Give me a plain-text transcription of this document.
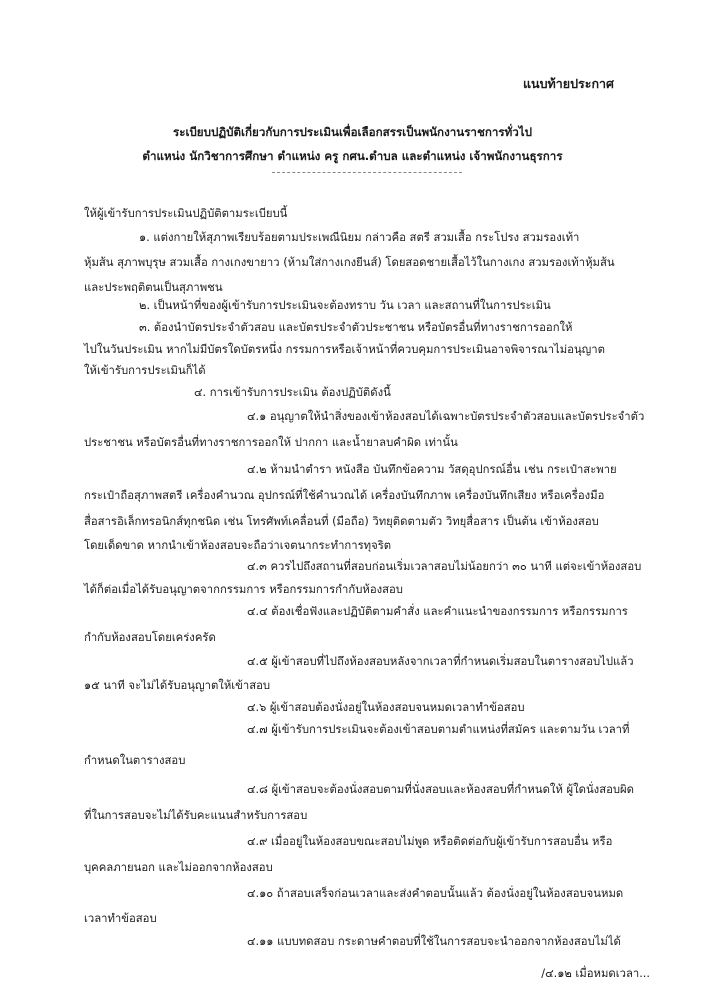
แนบท้ายประกาศ
ระเบียบปฏิบัติเกี่ยวกับการประเมินเพื่อเลือกสรรเป็นพนักงานราชการทั่วไป
ตำแหน่ง นักวิชาการศึกษา ตำแหน่ง ครู กศน.ตำบล และตำแหน่ง เจ้าพนักงานธุรการ
ให้ผู้เข้ารับการประเมินปฏิบัติตามระเบียบนี้
๑. แต่งกายให้สุภาพเรียบร้อยตามประเพณีนิยม กล่าวคือ สตรี สวมเสื้อ กระโปรง สวมรองเท้า
หุ้มส้น สุภาพบุรุษ สวมเสื้อ กางเกงขายาว (ห้ามใส่กางเกงยีนส์) โดยสอดชายเสื้อไว้ในกางเกง สวมรองเท้าหุ้มส้น
และประพฤติตนเป็นสุภาพชน
๒. เป็นหน้าที่ของผู้เข้ารับการประเมินจะต้องทราบ วัน เวลา และสถานที่ในการประเมิน
๓. ต้องนำบัตรประจำตัวสอบ และบัตรประจำตัวประชาชน หรือบัตรอื่นที่ทางราชการออกให้
ไปในวันประเมิน หากไม่มีบัตรใดบัตรหนึ่ง กรรมการหรือเจ้าหน้าที่ควบคุมการประเมินอาจพิจารณาไม่อนุญาต
ให้เข้ารับการประเมินก็ได้
๔. การเข้ารับการประเมิน ต้องปฏิบัติดังนี้
๔.๑ อนุญาตให้นำสิ่งของเข้าห้องสอบได้เฉพาะบัตรประจำตัวสอบและบัตรประจำตัว
ประชาชน หรือบัตรอื่นที่ทางราชการออกให้ ปากกา และน้ำยาลบคำผิด เท่านั้น
๔.๒ ห้ามนำตำรา หนังสือ บันทึกข้อความ วัสดุอุปกรณ์อื่น เช่น กระเป๋าสะพาย
กระเป๋าถือสุภาพสตรี เครื่องคำนวณ อุปกรณ์ที่ใช้คำนวณได้ เครื่องบันทึกภาพ เครื่องบันทึกเสียง หรือเครื่องมือ
สื่อสารอิเล็กทรอนิกส์ทุกชนิด เช่น โทรศัพท์เคลื่อนที่ (มือถือ) วิทยุติดตามตัว วิทยุสื่อสาร เป็นต้น เข้าห้องสอบ
โดยเด็ดขาด หากนำเข้าห้องสอบจะถือว่าเจตนากระทำการทุจริต
๔.๓ ควรไปถึงสถานที่สอบก่อนเริ่มเวลาสอบไม่น้อยกว่า ๓๐ นาที แต่จะเข้าห้องสอบ
ได้ก็ต่อเมื่อได้รับอนุญาตจากกรรมการ หรือกรรมการกำกับห้องสอบ
๔.๔ ต้องเชื่อฟังและปฏิบัติตามคำสั่ง และคำแนะนำของกรรมการ หรือกรรมการ
กำกับห้องสอบโดยเคร่งครัด
๔.๕ ผู้เข้าสอบที่ไปถึงห้องสอบหลังจากเวลาที่กำหนดเริ่มสอบในตารางสอบไปแล้ว
๑๕ นาที จะไม่ได้รับอนุญาตให้เข้าสอบ
๔.๖ ผู้เข้าสอบต้องนั่งอยู่ในห้องสอบจนหมดเวลาทำข้อสอบ
๔.๗ ผู้เข้ารับการประเมินจะต้องเข้าสอบตามตำแหน่งที่สมัคร และตามวัน เวลาที่
กำหนดในตารางสอบ
๔.๘ ผู้เข้าสอบจะต้องนั่งสอบตามที่นั่งสอบและห้องสอบที่กำหนดให้ ผู้ใดนั่งสอบผิด
ที่ในการสอบจะไม่ได้รับคะแนนสำหรับการสอบ
๔.๙ เมื่ออยู่ในห้องสอบขณะสอบไม่พูด หรือติดต่อกับผู้เข้ารับการสอบอื่น หรือ
บุคคลภายนอก และไม่ออกจากห้องสอบ
๔.๑๐ ถ้าสอบเสร็จก่อนเวลาและส่งคำตอบนั้นแล้ว ต้องนั่งอยู่ในห้องสอบจนหมด
เวลาทำข้อสอบ
๔.๑๑ แบบทดสอบ กระดาษคำตอบที่ใช้ในการสอบจะนำออกจากห้องสอบไม่ได้
/๔.๑๒ เมื่อหมดเวลา...
